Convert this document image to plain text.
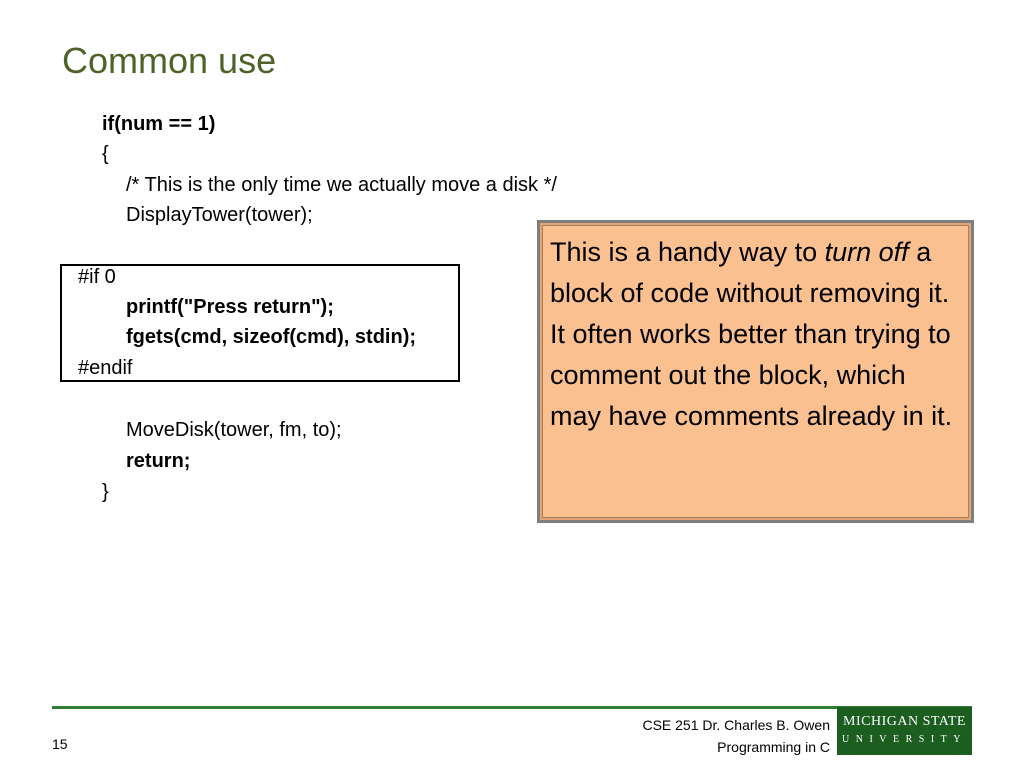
Common use
if(num == 1)
{
/* This is the only time we actually move a disk */
DisplayTower(tower);
#if 0
printf("Press return");
fgets(cmd, sizeof(cmd), stdin);
#endif
MoveDisk(tower, fm, to);
return;
}
This is a handy way to turn off a block of code without removing it. It often works better than trying to comment out the block, which may have comments already in it.
15
CSE 251 Dr. Charles B. Owen
Programming in C
MICHIGAN STATE
UNIVERSITY
